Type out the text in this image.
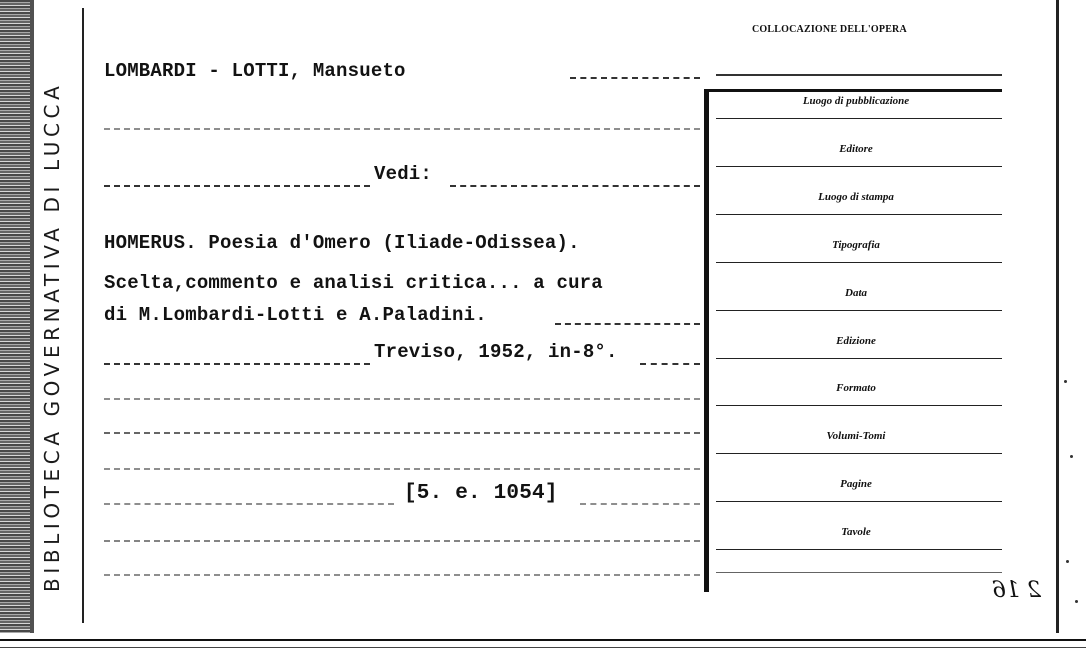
BIBLIOTECA GOVERNATIVA DI LUCCA
LOMBARDI - LOTTI, Mansueto
Vedi:
HOMERUS. Poesia d'Omero (Iliade-Odissea).
Scelta,commento e analisi critica... a cura
di M.Lombardi-Lotti e A.Paladini.
Treviso, 1952, in-8°.
[5. e. 1054]
COLLOCAZIONE DELL'OPERA
Luogo di pubblicazione
Editore
Luogo di stampa
Tipografia
Data
Edizione
Formato
Volumi-Tomi
Pagine
Tavole
2 16
